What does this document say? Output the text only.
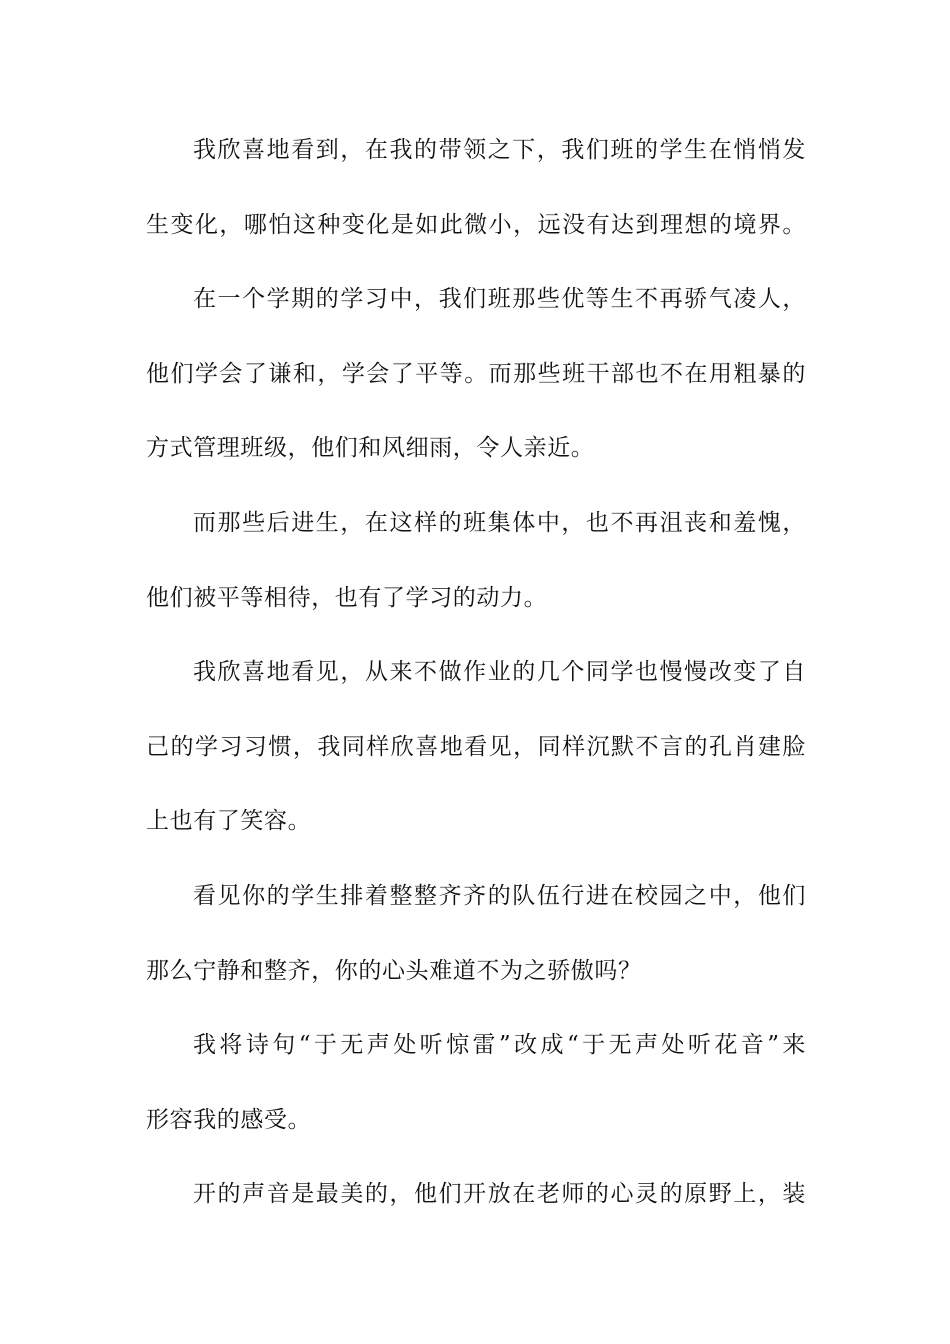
我欣喜地看到，在我的带领之下，我们班的学生在悄悄发
生变化，哪怕这种变化是如此微小，远没有达到理想的境界。
在一个学期的学习中，我们班那些优等生不再骄气凌人，
他们学会了谦和，学会了平等。而那些班干部也不在用粗暴的
方式管理班级，他们和风细雨，令人亲近。
而那些后进生，在这样的班集体中，也不再沮丧和羞愧，
他们被平等相待，也有了学习的动力。
我欣喜地看见，从来不做作业的几个同学也慢慢改变了自
己的学习习惯，我同样欣喜地看见，同样沉默不言的孔肖建脸
上也有了笑容。
看见你的学生排着整整齐齐的队伍行进在校园之中，他们
那么宁静和整齐，你的心头难道不为之骄傲吗？
我将诗句“于无声处听惊雷”改成“于无声处听花音”来
形容我的感受。
开的声音是最美的，他们开放在老师的心灵的原野上，装
